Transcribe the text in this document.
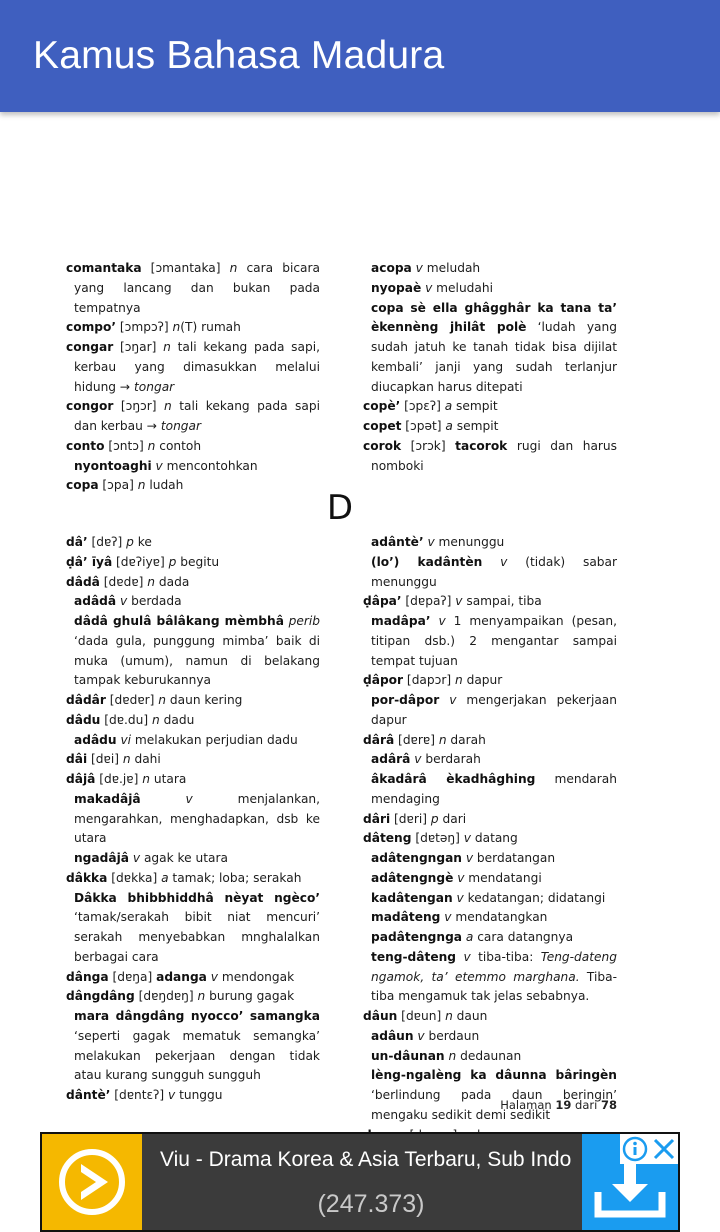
Kamus Bahasa Madura

comantaka [ɔmantaka] n cara bicara yang lancang dan bukan pada tempatnya

compo’ [ɔmpɔʔ] n(T) rumah

congar [ɔŋar] n tali kekang pada sapi, kerbau yang dimasukkan melalui hidung → tongar

congor [ɔŋɔr] n tali kekang pada sapi dan kerbau → tongar

conto [ɔntɔ] n contoh

nyontoaghi v mencontohkan

copa [ɔpa] n ludah

acopa v meludah

nyopaè v meludahi

copa sè ella ghâgghâr ka tana ta’ èkennèng jhilât polè ‘ludah yang sudah jatuh ke tanah tidak bisa dijilat kembali’ janji yang sudah terlanjur diucapkan harus ditepati

copè’ [ɔpɛʔ] a sempit

copet [ɔpət] a sempit

corok [ɔrɔk] tacorok rugi dan harus nomboki

D

dâ’ [dɐʔ] p ke

ḍâ’ īyâ [dɐʔiyɐ] p begitu

dâdâ [dɐdɐ] n dada

adâdâ v berdada

dâdâ ghulâ bâlâkang mèmbhâ perib ‘dada gula, punggung mimba’ baik di muka (umum), namun di belakang tampak keburukannya

dâdâr [dɐdɐr] n daun kering

dâdu [dɐ.du] n dadu

adâdu vi melakukan perjudian dadu

dâi [dɐi] n dahi

dâjâ [dɐ.jɐ] n utara

makadâjâ	v menjalankan, mengarahkan, menghadapkan, dsb ke utara

ngadâjâ v agak ke utara

dâkka [dɐkka] a tamak; loba; serakah

Dâkka bhibbhiddhâ nèyat ngèco’ ‘tamak/serakah bibit niat mencuri’ serakah menyebabkan mnghalalkan berbagai cara

dânga [dɐŋa] adanga v mendongak

dângdâng [dɐŋdɐŋ] n burung gagak

mara dângdâng nyocco’ samangka ‘seperti gagak mematuk semangka’ melakukan pekerjaan dengan tidak atau kurang sungguh sungguh

dântè’ [dɐntɛʔ] v tunggu

adântè’ v menunggu

(lo’) kadântèn v (tidak) sabar menunggu

ḍâpa’ [dɐpaʔ] v sampai, tiba

madâpa’ v 1 menyampaikan (pesan, titipan dsb.) 2 mengantar sampai tempat tujuan

ḍâpor [dapɔr] n dapur

por-dâpor v mengerjakan pekerjaan dapur

dârâ [dɐrɐ] n darah

adârâ v berdarah

âkadârâ èkadhâghing mendarah mendaging

dâri [dɐri] p dari

dâteng [dɐtəŋ] v datang

adâtengngan v berdatangan

adâtengngè v mendatangi

kadâtengan v kedatangan; didatangi

madâteng v mendatangkan

padâtengnga a cara datangnya

teng-dâteng v tiba-tiba: Teng-dateng ngamok, ta’ etemmo marghana. Tiba-tiba mengamuk tak jelas sebabnya.

dâun [dɐun] n daun

adâun v berdaun

un-dâunan n dedaunan

lèng-ngalèng ka dâunna bâringèn ‘berlindung pada daun beringin’ mengaku sedikit demi sedikit

Halaman 19 dari 78
Viu - Drama Korea & Asia Terbaru, Sub Indo
(247.373)
